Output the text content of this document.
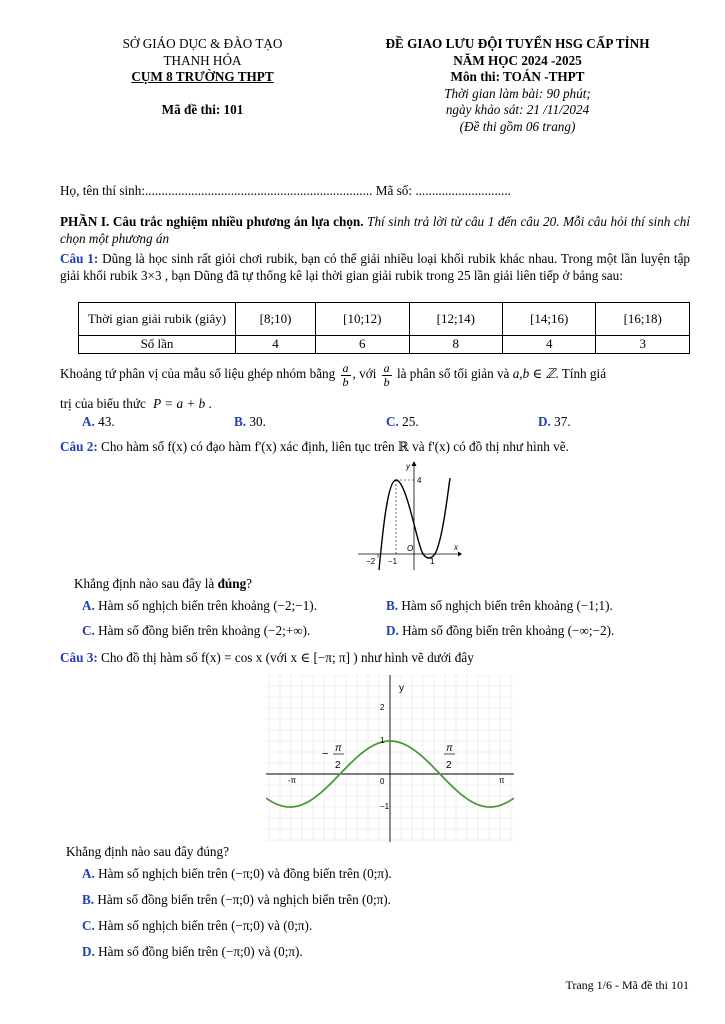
SỞ GIÁO DỤC & ĐÀO TẠO
THANH HÓA
CỤM 8 TRƯỜNG THPT
Mã đề thi: 101
ĐỀ GIAO LƯU ĐỘI TUYỂN HSG CẤP TỈNH
NĂM HỌC 2024 -2025
Môn thi: TOÁN -THPT
Thời gian làm bài: 90 phút;
ngày khảo sát: 21 /11/2024
(Đề thi gồm 06 trang)
Họ, tên thí sinh:..................................................................... Mã số: .............................
PHẦN I. Câu trắc nghiệm nhiều phương án lựa chọn. Thí sinh trả lời từ câu 1 đến câu 20. Mỗi câu hỏi thí sinh chỉ chọn một phương án
Câu 1: Dũng là học sinh rất giỏi chơi rubik, bạn có thể giải nhiều loại khối rubik khác nhau. Trong một lần luyện tập giải khối rubik 3×3 , bạn Dũng đã tự thống kê lại thời gian giải rubik trong 25 lần giải liên tiếp ở bảng sau:
Thời gian giải rubik (giây)	[8;10)	[10;12)	[12;14)	[14;16)	[16;18)
Số lần	4	6	8	4	3
Khoảng tứ phân vị của mẫu số liệu ghép nhóm bằng $\frac{a}{b}$ , với $\frac{a}{b}$ là phân số tối giản và a,b ∈ ℤ. Tính giá
trị của biểu thức P = a + b .
A. 43.	B. 30.	C. 25.	D. 37.
Câu 2: Cho hàm số f(x) có đạo hàm f'(x) xác định, liên tục trên ℝ và f'(x) có đồ thị như hình vẽ.
y
x
O
4
−2 −1	1
Khẳng định nào sau đây là đúng?
A. Hàm số nghịch biến trên khoảng (−2;−1).	B. Hàm số nghịch biến trên khoảng (−1;1).
C. Hàm số đồng biến trên khoảng (−2;+∞).	D. Hàm số đồng biến trên khoảng (−∞;−2).
Câu 3: Cho đồ thị hàm số f(x) = cos x (với x ∈ [−π; π] ) như hình vẽ dưới đây
y
2
1
0
−1
-π	π
− π
2
π
2
Khẳng định nào sau đây đúng?
A. Hàm số nghịch biến trên (−π;0) và đồng biến trên (0;π).
B. Hàm số đồng biến trên (−π;0) và nghịch biến trên (0;π).
C. Hàm số nghịch biến trên (−π;0) và (0;π).
D. Hàm số đồng biến trên (−π;0) và (0;π).
Trang 1/6 - Mã đề thi 101
